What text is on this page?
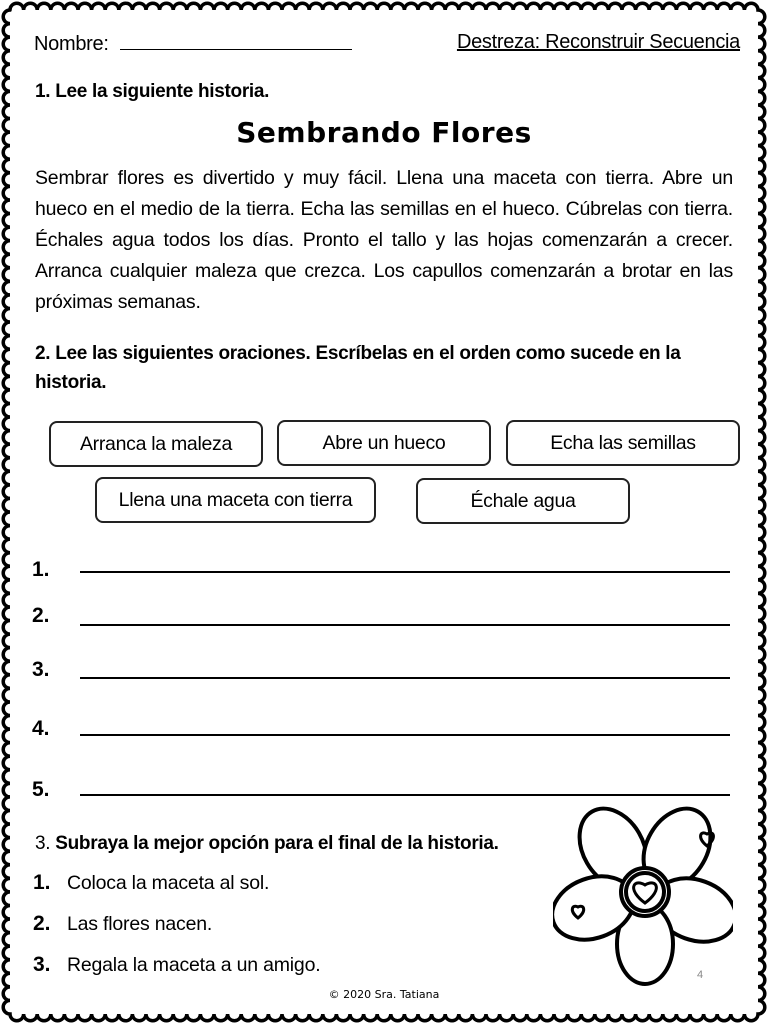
Nombre:	Destreza: Reconstruir Secuencia
1. Lee la siguiente historia.
Sembrando Flores
Sembrar flores es divertido y muy fácil. Llena una maceta con tierra. Abre un hueco en el medio de la tierra. Echa las semillas en el hueco. Cúbrelas con tierra. Échales agua todos los días. Pronto el tallo y las hojas comenzarán a crecer. Arranca cualquier maleza que crezca. Los capullos comenzarán a brotar en las próximas semanas.
2. Lee las siguientes oraciones. Escríbelas en el orden como sucede en la historia.
Arranca la maleza	Abre un hueco	Echa las semillas
Llena una maceta con tierra	Échale agua
1.
2.
3.
4.
5.
3. Subraya la mejor opción para el final de la historia.
1. Coloca la maceta al sol.
2. Las flores nacen.
3. Regala la maceta a un amigo.	4
© 2020 Sra. Tatiana
